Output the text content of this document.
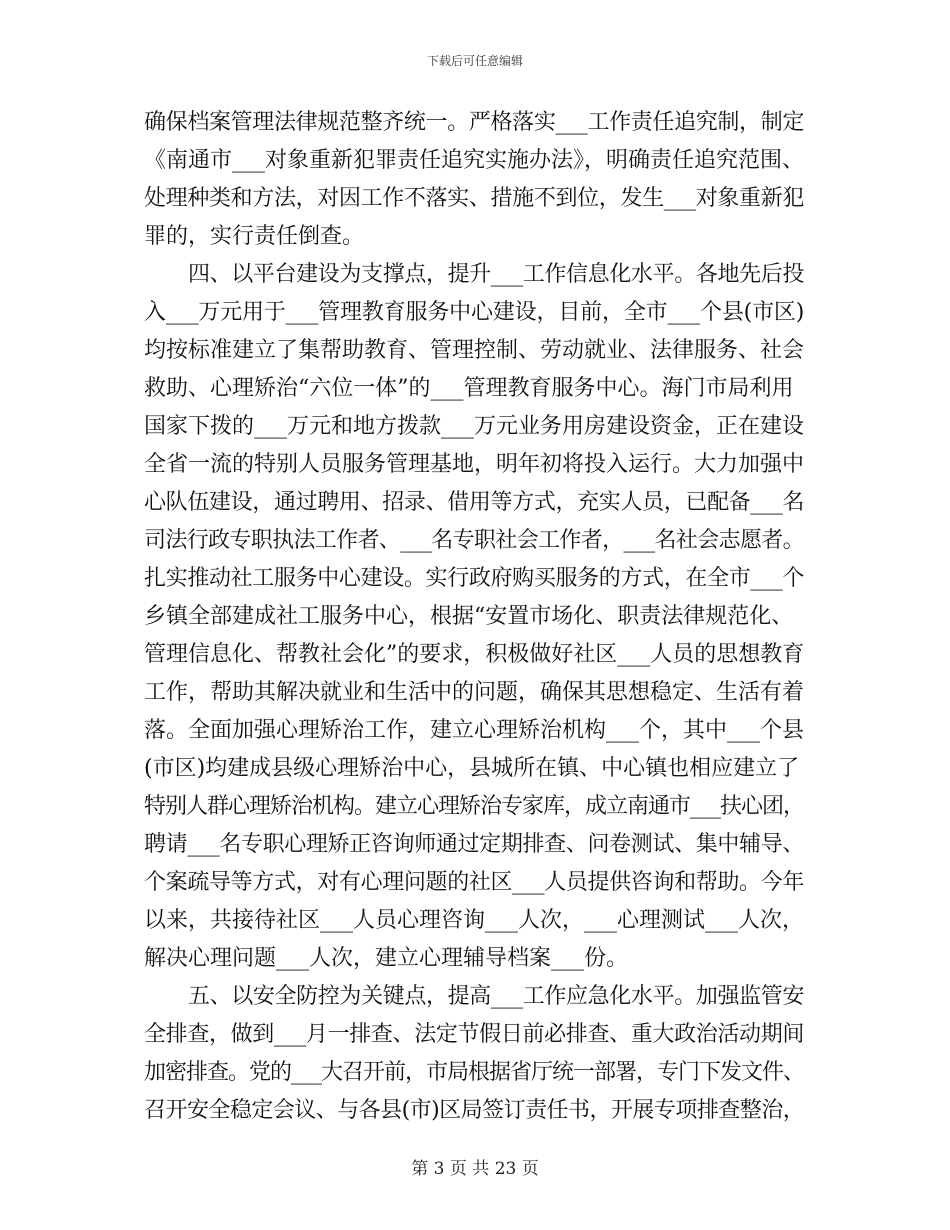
下载后可任意编辑
确保档案管理法律规范整齐统一。严格落实___工作责任追究制，制定
《南通市___对象重新犯罪责任追究实施办法》，明确责任追究范围、
处理种类和方法，对因工作不落实、措施不到位，发生___对象重新犯
罪的，实行责任倒查。
四、以平台建设为支撑点，提升___工作信息化水平。各地先后投
入___万元用于___管理教育服务中心建设，目前，全市___个县(市区)
均按标准建立了集帮助教育、管理控制、劳动就业、法律服务、社会
救助、心理矫治“六位一体”的___管理教育服务中心。海门市局利用
国家下拨的___万元和地方拨款___万元业务用房建设资金，正在建设
全省一流的特别人员服务管理基地，明年初将投入运行。大力加强中
心队伍建设，通过聘用、招录、借用等方式，充实人员，已配备___名
司法行政专职执法工作者、___名专职社会工作者，___名社会志愿者。
扎实推动社工服务中心建设。实行政府购买服务的方式，在全市___个
乡镇全部建成社工服务中心，根据“安置市场化、职责法律规范化、
管理信息化、帮教社会化”的要求，积极做好社区___人员的思想教育
工作，帮助其解决就业和生活中的问题，确保其思想稳定、生活有着
落。全面加强心理矫治工作，建立心理矫治机构___个，其中___个县
(市区)均建成县级心理矫治中心，县城所在镇、中心镇也相应建立了
特别人群心理矫治机构。建立心理矫治专家库，成立南通市___扶心团，
聘请___名专职心理矫正咨询师通过定期排查、问卷测试、集中辅导、
个案疏导等方式，对有心理问题的社区___人员提供咨询和帮助。今年
以来，共接待社区___人员心理咨询___人次，___心理测试___人次，
解决心理问题___人次，建立心理辅导档案___份。
五、以安全防控为关键点，提高___工作应急化水平。加强监管安
全排查，做到___月一排查、法定节假日前必排查、重大政治活动期间
加密排查。党的___大召开前，市局根据省厅统一部署，专门下发文件、
召开安全稳定会议、与各县(市)区局签订责任书，开展专项排查整治，
第 3 页 共 23 页
